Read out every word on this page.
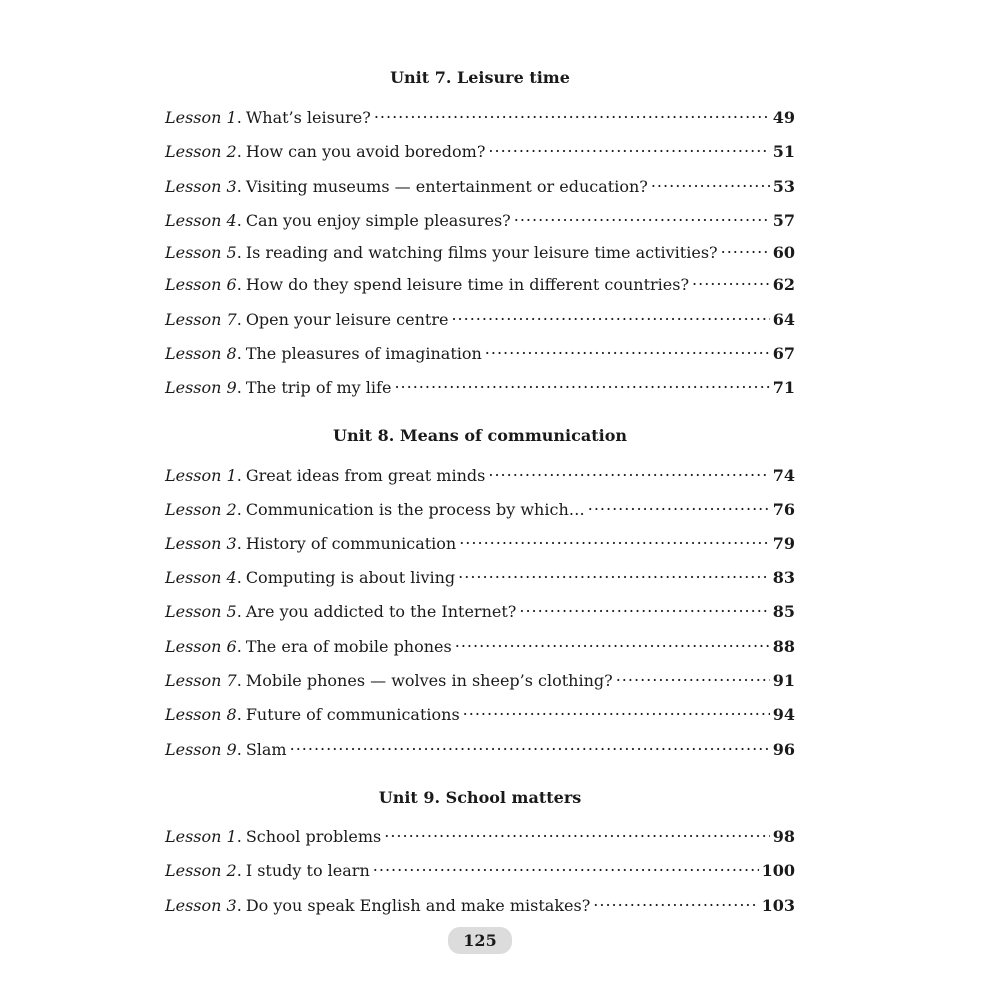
Unit 7. Leisure time
Lesson 1 . What’s leisure? .....	49
Lesson 2 . How can you avoid boredom? .....	51
Lesson 3 . Visiting museums — entertainment or education? .....	53
Lesson 4 . Can you enjoy simple pleasures? .....	57
Lesson 5 . Is reading and watching films your leisure time activities? .....	60
Lesson 6 . How do they spend leisure time in different countries? .....	62
Lesson 7 . Open your leisure centre .....	64
Lesson 8 . The pleasures of imagination .....	67
Lesson 9 . The trip of my life .....	71
Unit 8. Means of communication
Lesson 1 . Great ideas from great minds .....	74
Lesson 2 . Communication is the process by which… .....	76
Lesson 3 . History of communication .....	79
Lesson 4 . Computing is about living .....	83
Lesson 5 . Are you addicted to the Internet? .....	85
Lesson 6 . The era of mobile phones .....	88
Lesson 7 . Mobile phones — wolves in sheep’s clothing? .....	91
Lesson 8 . Future of communications .....	94
Lesson 9 . Slam .....	96
Unit 9. School matters
Lesson 1 . School problems .....	98
Lesson 2 . I study to learn .....	100
Lesson 3 . Do you speak English and make mistakes? .....	103
125
